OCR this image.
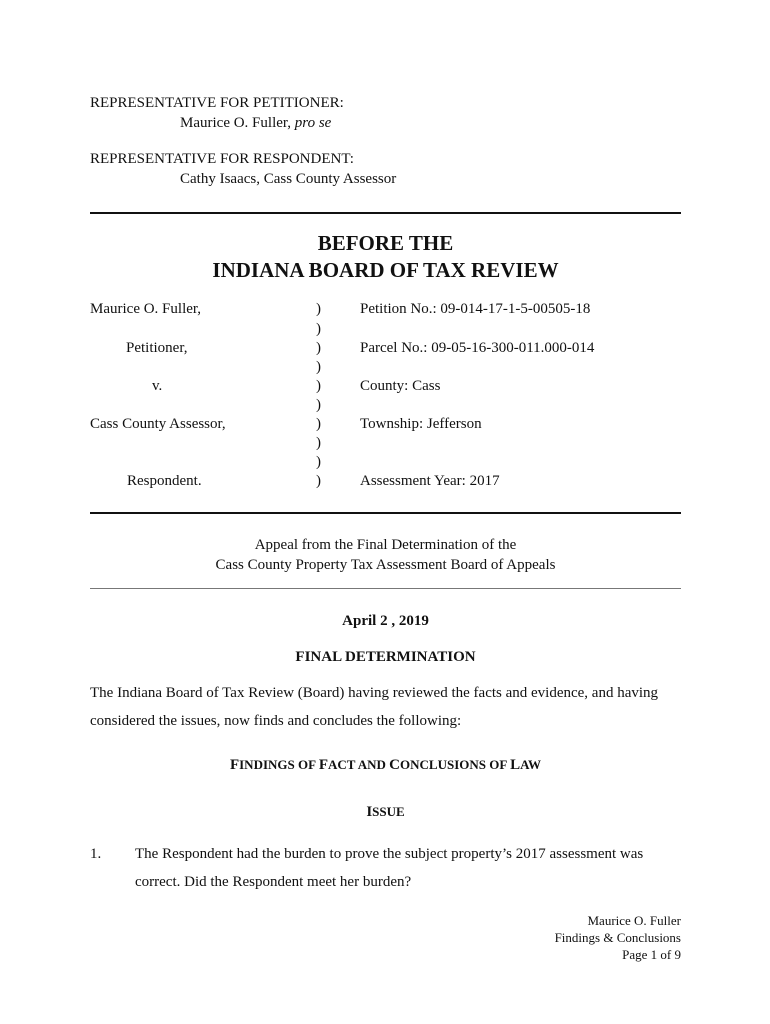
REPRESENTATIVE FOR PETITIONER:
Maurice O. Fuller, pro se
REPRESENTATIVE FOR RESPONDENT:
Cathy Isaacs, Cass County Assessor
BEFORE THE
INDIANA BOARD OF TAX REVIEW
Maurice O. Fuller,
Petitioner,
v.
Cass County Assessor,
Respondent.
)
)
)
)
)
)
)
)
)
)
Petition No.: 09-014-17-1-5-00505-18
Parcel No.: 09-05-16-300-011.000-014
County: Cass
Township: Jefferson
Assessment Year: 2017
Appeal from the Final Determination of the
Cass County Property Tax Assessment Board of Appeals
April 2 , 2019
FINAL DETERMINATION
The Indiana Board of Tax Review (Board) having reviewed the facts and evidence, and having
considered the issues, now finds and concludes the following:
FINDINGS OF FACT AND CONCLUSIONS OF LAW
ISSUE
1. The Respondent had the burden to prove the subject property’s 2017 assessment was
correct. Did the Respondent meet her burden?
Maurice O. Fuller
Findings & Conclusions
Page 1 of 9
